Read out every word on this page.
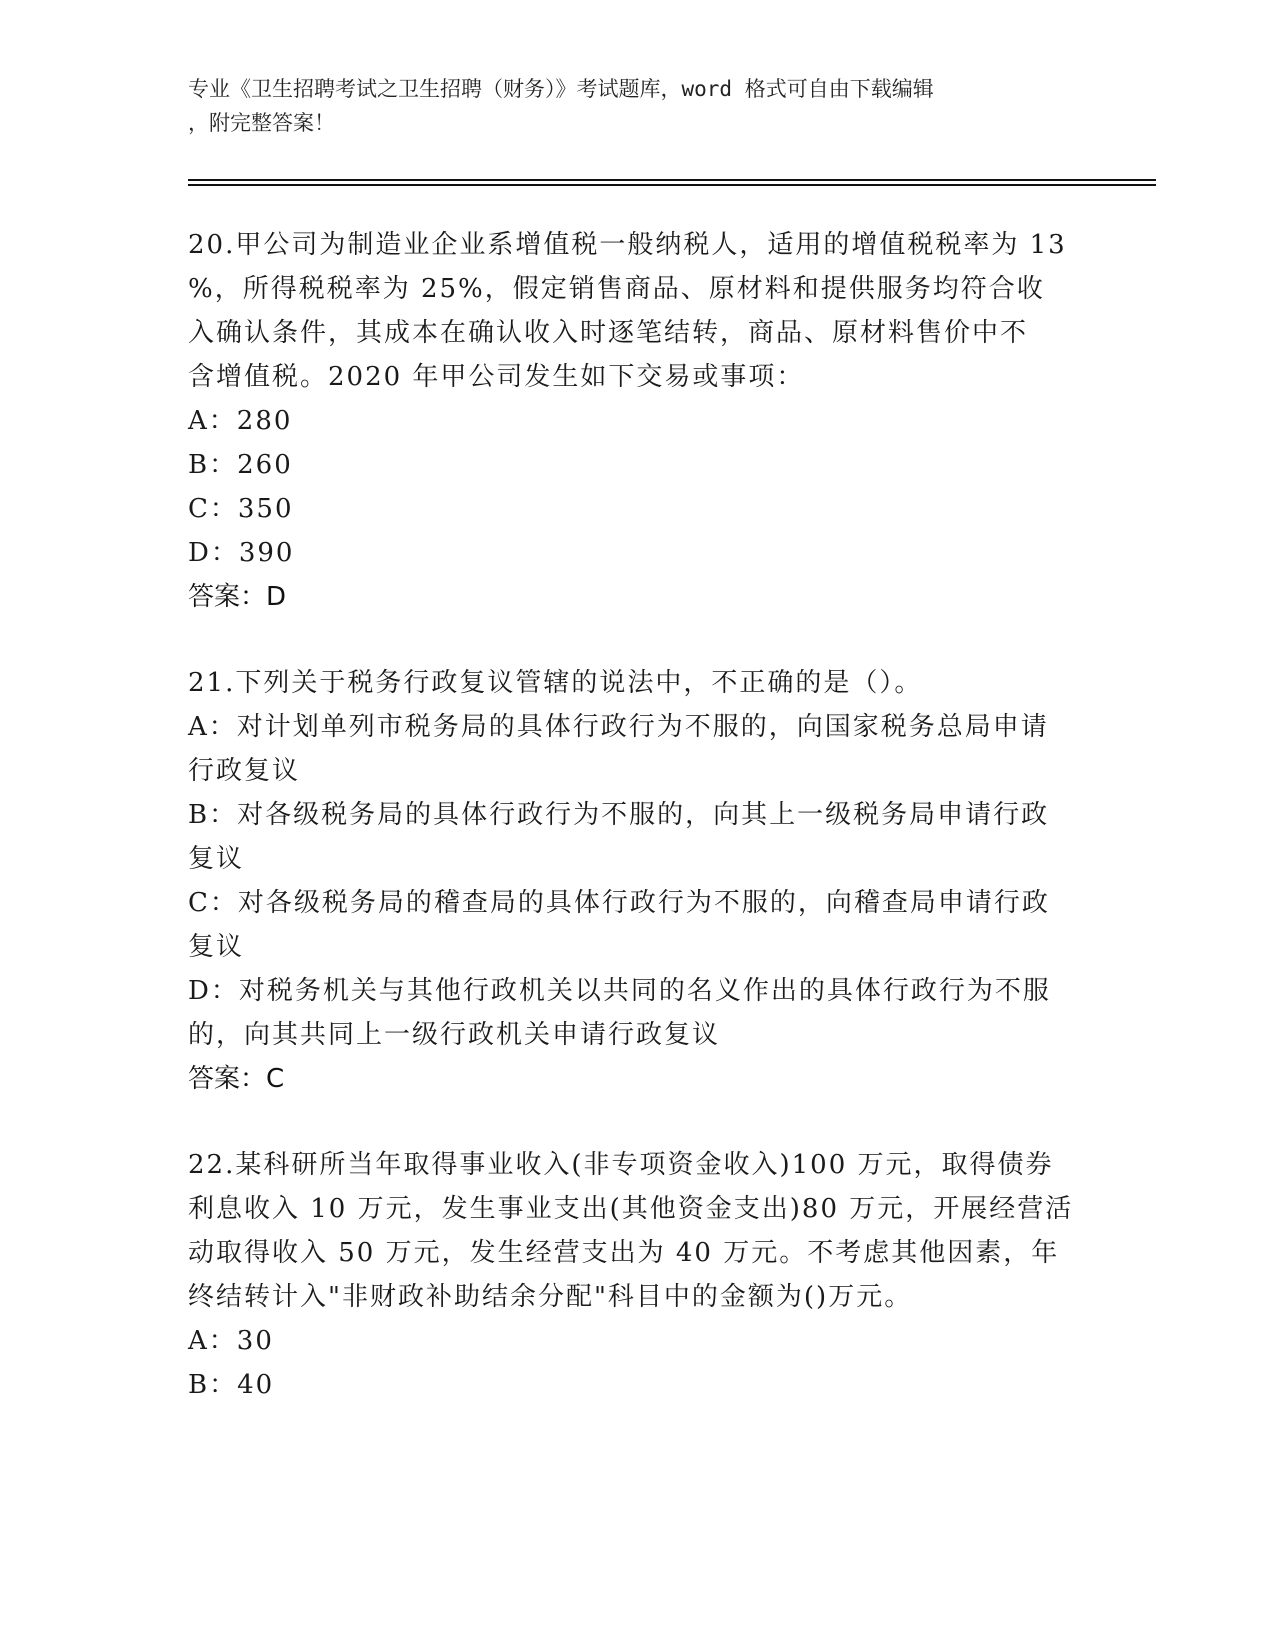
专业《卫生招聘考试之卫生招聘（财务）》考试题库，word 格式可自由下载编辑
，附完整答案！
20.甲公司为制造业企业系增值税一般纳税人，适用的增值税税率为 13
%，所得税税率为 25%，假定销售商品、原材料和提供服务均符合收
入确认条件，其成本在确认收入时逐笔结转，商品、原材料售价中不
含增值税。2020 年甲公司发生如下交易或事项：
A：280
B：260
C：350
D：390
答案：D
21.下列关于税务行政复议管辖的说法中，不正确的是（）。
A：对计划单列市税务局的具体行政行为不服的，向国家税务总局申请
行政复议
B：对各级税务局的具体行政行为不服的，向其上一级税务局申请行政
复议
C：对各级税务局的稽查局的具体行政行为不服的，向稽查局申请行政
复议
D：对税务机关与其他行政机关以共同的名义作出的具体行政行为不服
的，向其共同上一级行政机关申请行政复议
答案：C
22.某科研所当年取得事业收入(非专项资金收入)100 万元，取得债券
利息收入 10 万元，发生事业支出(其他资金支出)80 万元，开展经营活
动取得收入 50 万元，发生经营支出为 40 万元。不考虑其他因素，年
终结转计入"非财政补助结余分配"科目中的金额为()万元。
A：30
B：40
